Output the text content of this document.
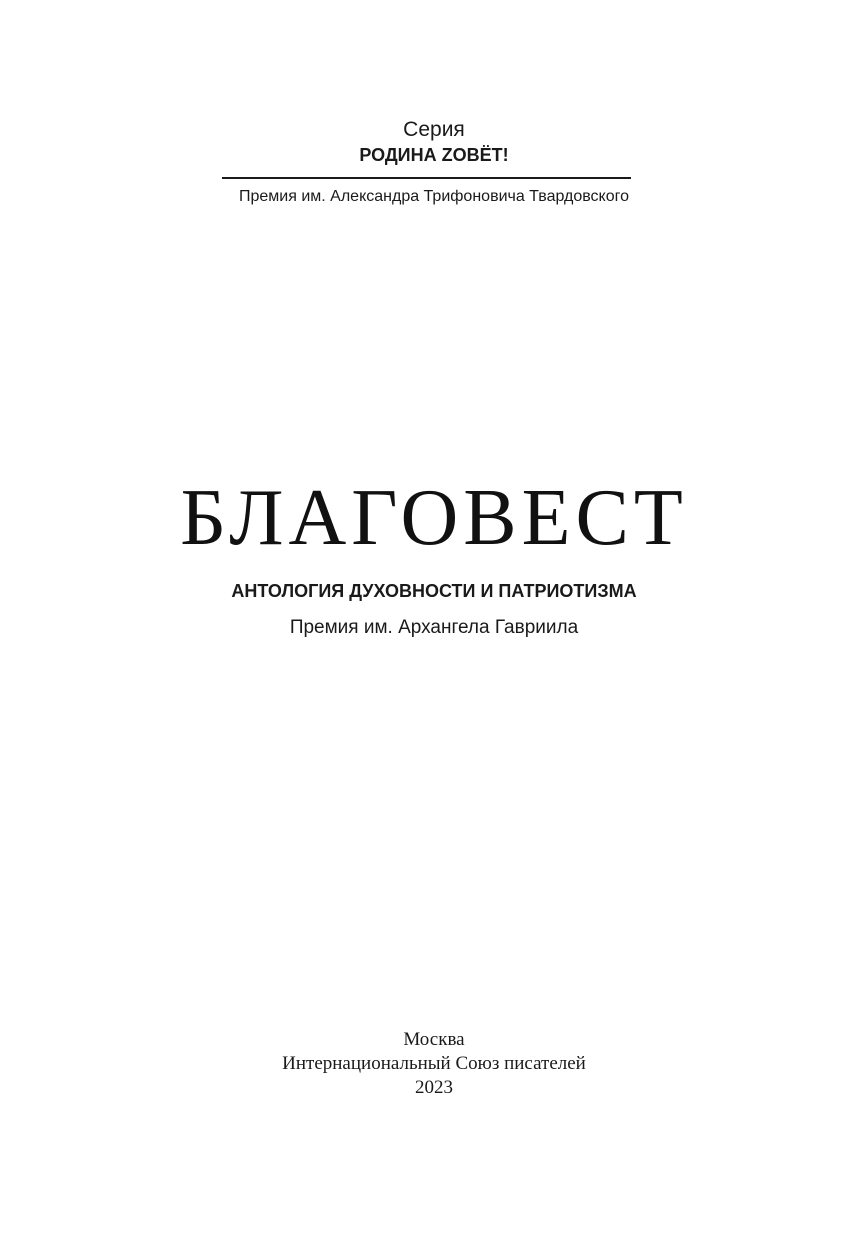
Серия
РОДИНА ZОВЁТ!
Премия им. Александра Трифоновича Твардовского
БЛАГОВЕСТ
АНТОЛОГИЯ ДУХОВНОСТИ И ПАТРИОТИЗМА
Премия им. Архангела Гавриила
Москва
Интернациональный Союз писателей
2023
